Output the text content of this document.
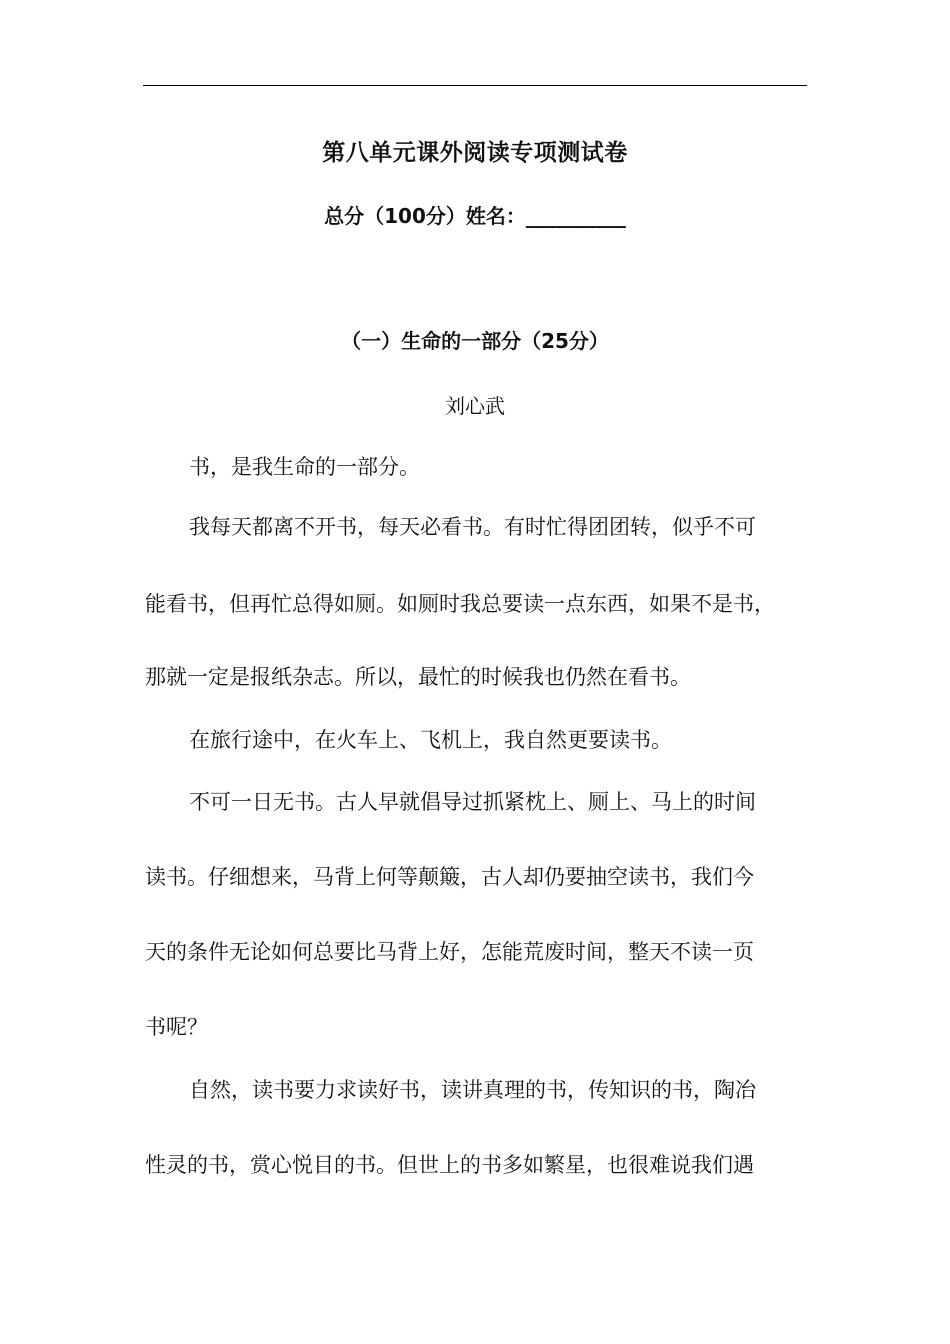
第八单元课外阅读专项测试卷
总分（100分）姓名：__________
（一）生命的一部分（25分）
刘心武
书，是我生命的一部分。
我每天都离不开书，每天必看书。有时忙得团团转，似乎不可
能看书，但再忙总得如厕。如厕时我总要读一点东西，如果不是书，
那就一定是报纸杂志。所以，最忙的时候我也仍然在看书。
在旅行途中，在火车上、飞机上，我自然更要读书。
不可一日无书。古人早就倡导过抓紧枕上、厕上、马上的时间
读书。仔细想来，马背上何等颠簸，古人却仍要抽空读书，我们今
天的条件无论如何总要比马背上好，怎能荒废时间，整天不读一页
书呢？
自然，读书要力求读好书，读讲真理的书，传知识的书，陶冶
性灵的书，赏心悦目的书。但世上的书多如繁星，也很难说我们遇
